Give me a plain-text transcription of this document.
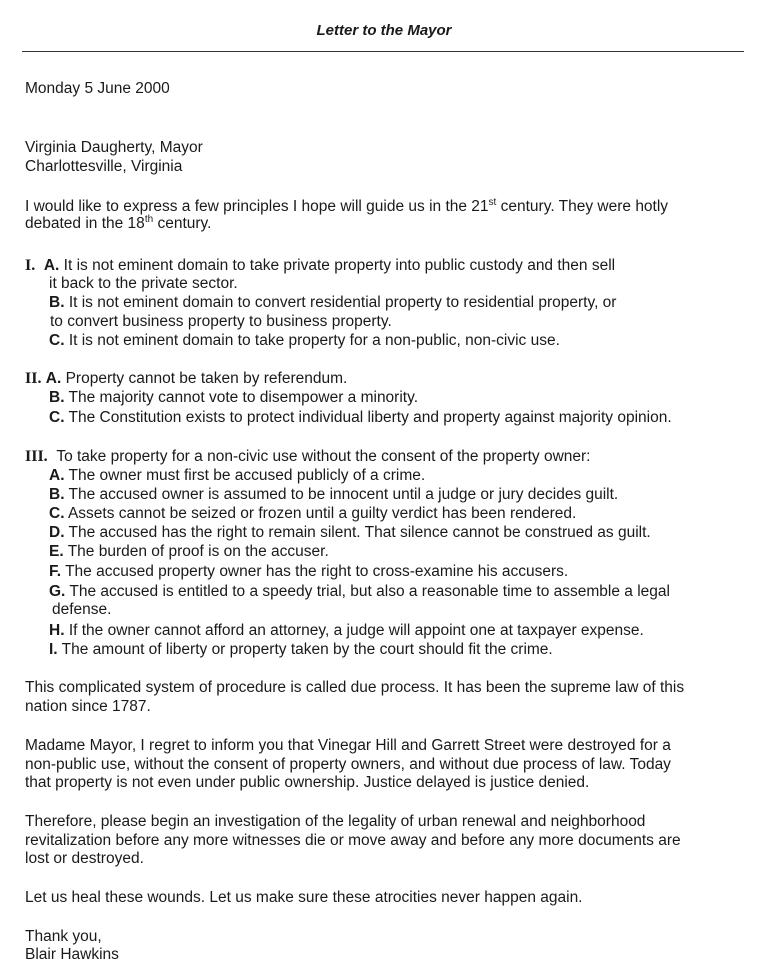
Letter to the Mayor
Monday 5 June 2000
Virginia Daugherty, Mayor
Charlottesville, Virginia
I would like to express a few principles I hope will guide us in the 21st century. They were hotly
debated in the 18th century.
I. A. It is not eminent domain to take private property into public custody and then sell
it back to the private sector.
B. It is not eminent domain to convert residential property to residential property, or
to convert business property to business property.
C. It is not eminent domain to take property for a non-public, non-civic use.
II. A. Property cannot be taken by referendum.
B. The majority cannot vote to disempower a minority.
C. The Constitution exists to protect individual liberty and property against majority opinion.
III. To take property for a non-civic use without the consent of the property owner:
A. The owner must first be accused publicly of a crime.
B. The accused owner is assumed to be innocent until a judge or jury decides guilt.
C. Assets cannot be seized or frozen until a guilty verdict has been rendered.
D. The accused has the right to remain silent. That silence cannot be construed as guilt.
E. The burden of proof is on the accuser.
F. The accused property owner has the right to cross-examine his accusers.
G. The accused is entitled to a speedy trial, but also a reasonable time to assemble a legal
defense.
H. If the owner cannot afford an attorney, a judge will appoint one at taxpayer expense.
I. The amount of liberty or property taken by the court should fit the crime.
This complicated system of procedure is called due process. It has been the supreme law of this
nation since 1787.
Madame Mayor, I regret to inform you that Vinegar Hill and Garrett Street were destroyed for a
non-public use, without the consent of property owners, and without due process of law. Today
that property is not even under public ownership. Justice delayed is justice denied.
Therefore, please begin an investigation of the legality of urban renewal and neighborhood
revitalization before any more witnesses die or move away and before any more documents are
lost or destroyed.
Let us heal these wounds. Let us make sure these atrocities never happen again.
Thank you,
Blair Hawkins
